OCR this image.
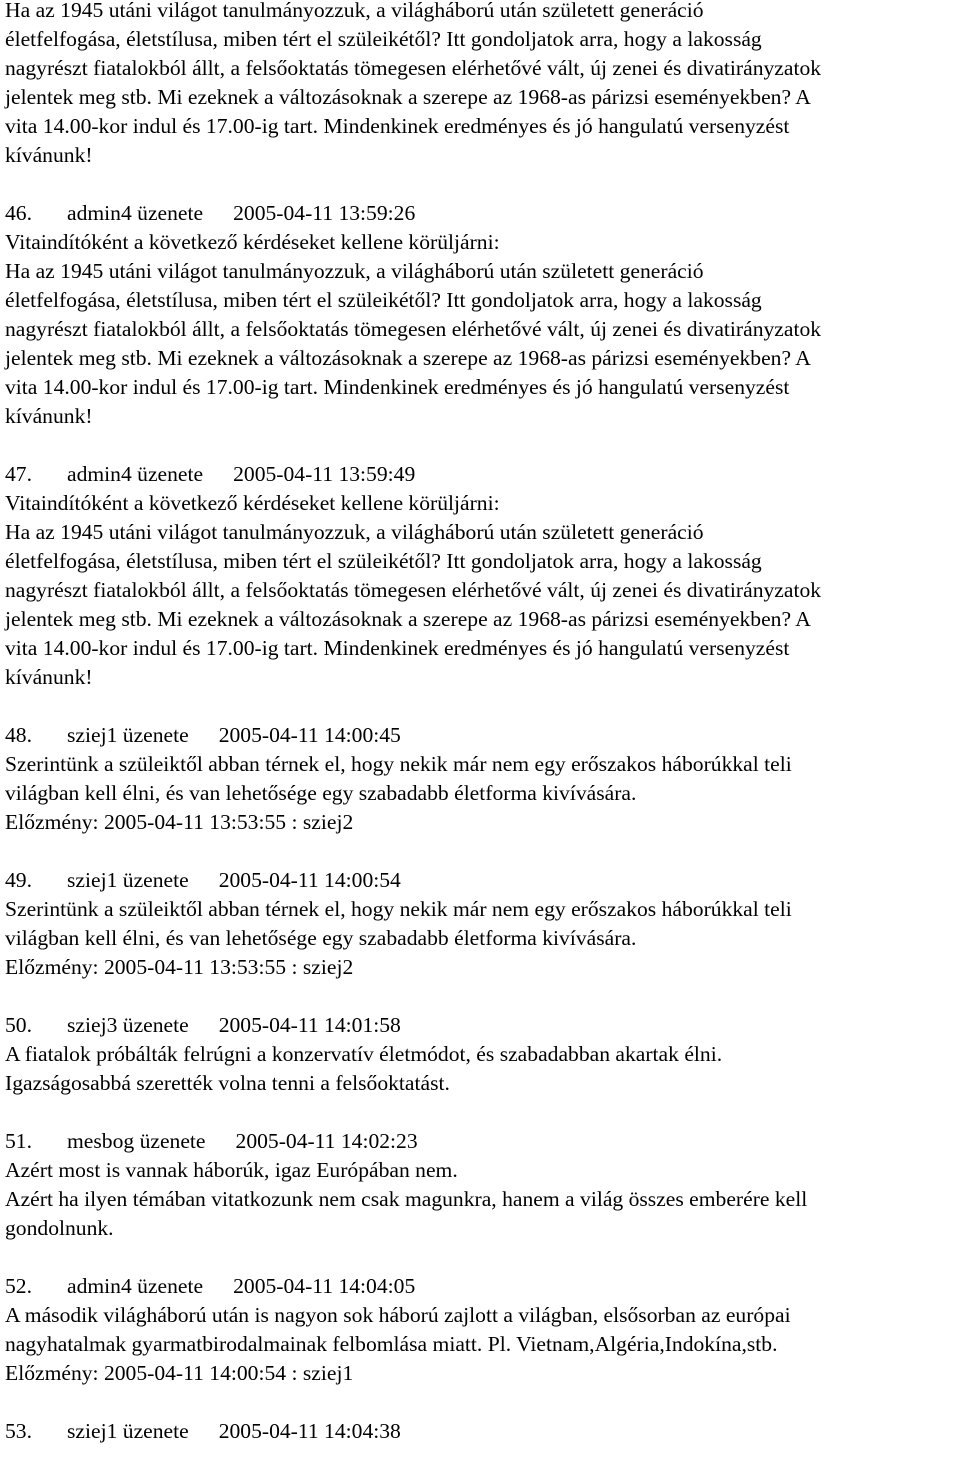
Ha az 1945 utáni világot tanulmányozzuk, a világháború után született generáció
életfelfogása, életstílusa, miben tért el szüleikétől? Itt gondoljatok arra, hogy a lakosság
nagyrészt fiatalokból állt, a felsőoktatás tömegesen elérhetővé vált, új zenei és divatirányzatok
jelentek meg stb. Mi ezeknek a változásoknak a szerepe az 1968-as párizsi eseményekben? A
vita 14.00-kor indul és 17.00-ig tart. Mindenkinek eredményes és jó hangulatú versenyzést
kívánunk!
46. admin4 üzenete 2005-04-11 13:59:26
Vitaindítóként a következő kérdéseket kellene körüljárni:
Ha az 1945 utáni világot tanulmányozzuk, a világháború után született generáció
életfelfogása, életstílusa, miben tért el szüleikétől? Itt gondoljatok arra, hogy a lakosság
nagyrészt fiatalokból állt, a felsőoktatás tömegesen elérhetővé vált, új zenei és divatirányzatok
jelentek meg stb. Mi ezeknek a változásoknak a szerepe az 1968-as párizsi eseményekben? A
vita 14.00-kor indul és 17.00-ig tart. Mindenkinek eredményes és jó hangulatú versenyzést
kívánunk!
47. admin4 üzenete 2005-04-11 13:59:49
Vitaindítóként a következő kérdéseket kellene körüljárni:
Ha az 1945 utáni világot tanulmányozzuk, a világháború után született generáció
életfelfogása, életstílusa, miben tért el szüleikétől? Itt gondoljatok arra, hogy a lakosság
nagyrészt fiatalokból állt, a felsőoktatás tömegesen elérhetővé vált, új zenei és divatirányzatok
jelentek meg stb. Mi ezeknek a változásoknak a szerepe az 1968-as párizsi eseményekben? A
vita 14.00-kor indul és 17.00-ig tart. Mindenkinek eredményes és jó hangulatú versenyzést
kívánunk!
48. sziej1 üzenete 2005-04-11 14:00:45
Szerintünk a szüleiktől abban térnek el, hogy nekik már nem egy erőszakos háborúkkal teli
világban kell élni, és van lehetősége egy szabadabb életforma kivívására.
Előzmény: 2005-04-11 13:53:55 : sziej2
49. sziej1 üzenete 2005-04-11 14:00:54
Szerintünk a szüleiktől abban térnek el, hogy nekik már nem egy erőszakos háborúkkal teli
világban kell élni, és van lehetősége egy szabadabb életforma kivívására.
Előzmény: 2005-04-11 13:53:55 : sziej2
50. sziej3 üzenete 2005-04-11 14:01:58
A fiatalok próbálták felrúgni a konzervatív életmódot, és szabadabban akartak élni.
Igazságosabbá szerették volna tenni a felsőoktatást.
51. mesbog üzenete 2005-04-11 14:02:23
Azért most is vannak háborúk, igaz Európában nem.
Azért ha ilyen témában vitatkozunk nem csak magunkra, hanem a világ összes emberére kell
gondolnunk.
52. admin4 üzenete 2005-04-11 14:04:05
A második világháború után is nagyon sok háború zajlott a világban, elsősorban az európai
nagyhatalmak gyarmatbirodalmainak felbomlása miatt. Pl. Vietnam,Algéria,Indokína,stb.
Előzmény: 2005-04-11 14:00:54 : sziej1
53. sziej1 üzenete 2005-04-11 14:04:38
